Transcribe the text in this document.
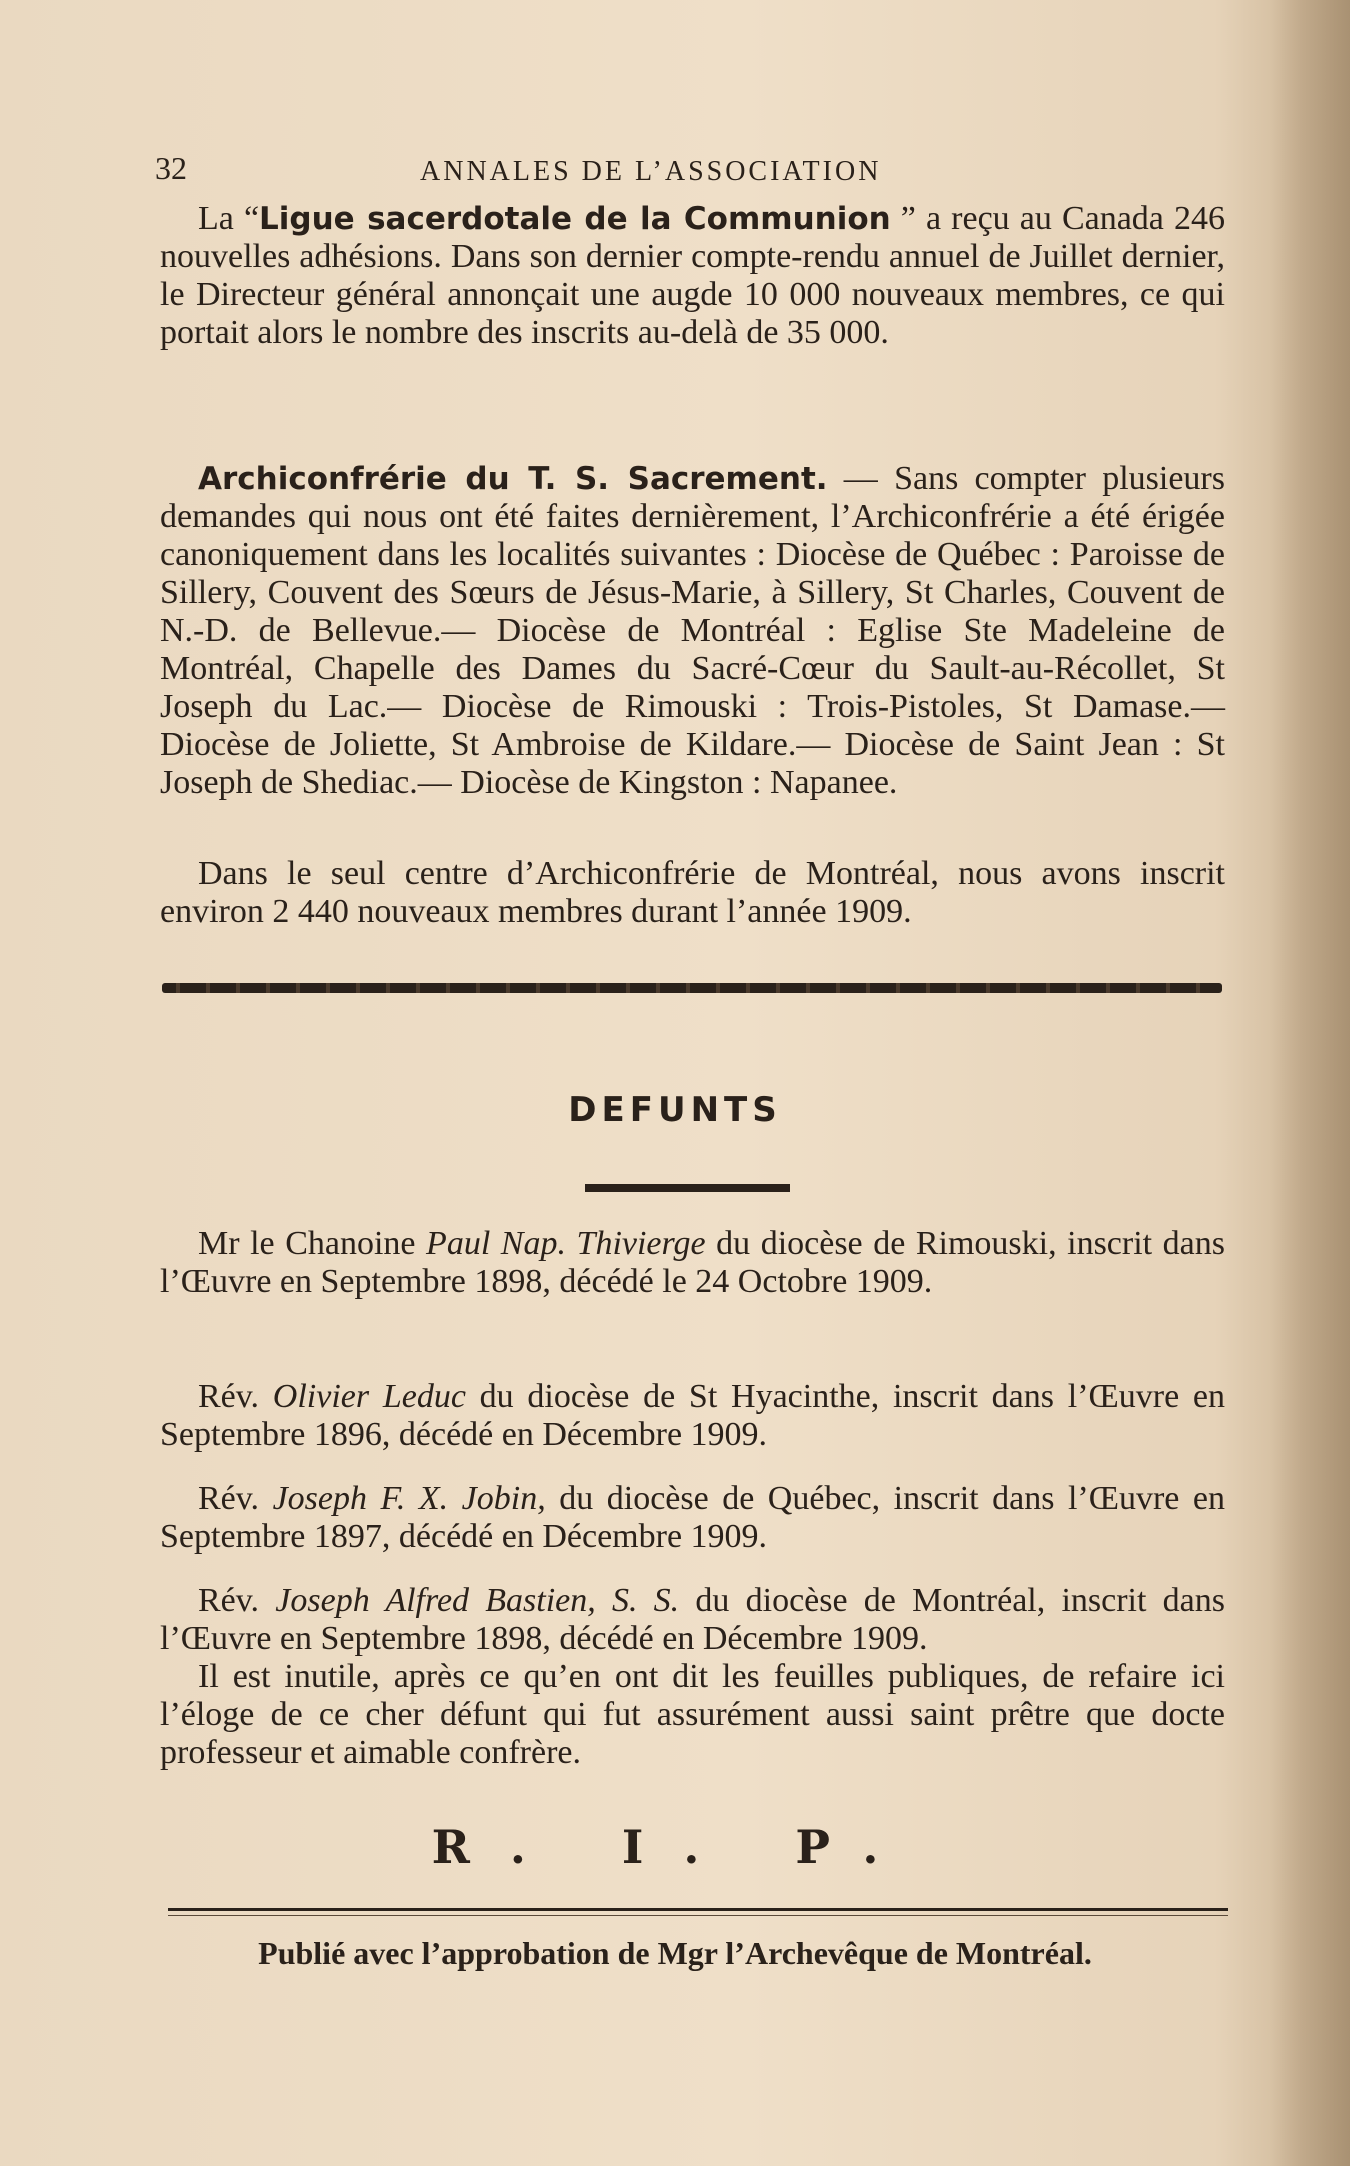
32	ANNALES DE L’ASSOCIATION

La “Ligue sacerdotale de la Communion ” a reçu au Canada 246 nouvelles adhésions. Dans son dernier compte-rendu annuel de Juillet dernier, le Directeur général annonçait une augde 10 000 nouveaux membres, ce qui portait alors le nombre des inscrits au-delà de 35 000.

Archiconfrérie du T. S. Sacrement. — Sans compter plusieurs demandes qui nous ont été faites dernièrement, l’Archiconfrérie a été érigée canoniquement dans les localités suivantes : Diocèse de Québec : Paroisse de Sillery, Couvent des Sœurs de Jésus-Marie, à Sillery, St Charles, Couvent de N.-D. de Bellevue.— Diocèse de Montréal : Eglise Ste Madeleine de Montréal, Chapelle des Dames du Sacré-Cœur du Sault-au-Récollet, St Joseph du Lac.— Diocèse de Rimouski : Trois-Pistoles, St Damase.— Diocèse de Joliette, St Ambroise de Kildare.— Diocèse de Saint Jean : St Joseph de Shediac.— Diocèse de Kingston : Napanee.

Dans le seul centre d’Archiconfrérie de Montréal, nous avons inscrit environ 2 440 nouveaux membres durant l’année 1909.

DEFUNTS

Mr le Chanoine Paul Nap. Thivierge du diocèse de Rimouski, inscrit dans l’Œuvre en Septembre 1898, décédé le 24 Octobre 1909.

Rév. Olivier Leduc du diocèse de St Hyacinthe, inscrit dans l’Œuvre en Septembre 1896, décédé en Décembre 1909.

Rév. Joseph F. X. Jobin, du diocèse de Québec, inscrit dans l’Œuvre en Septembre 1897, décédé en Décembre 1909.

Rév. Joseph Alfred Bastien, S. S. du diocèse de Montréal, inscrit dans l’Œuvre en Septembre 1898, décédé en Décembre 1909.

Il est inutile, après ce qu’en ont dit les feuilles publiques, de refaire ici l’éloge de ce cher défunt qui fut assurément aussi saint prêtre que docte professeur et aimable confrère.

R. I. P.
Publié avec l’approbation de Mgr l’Archevêque de Montréal.
